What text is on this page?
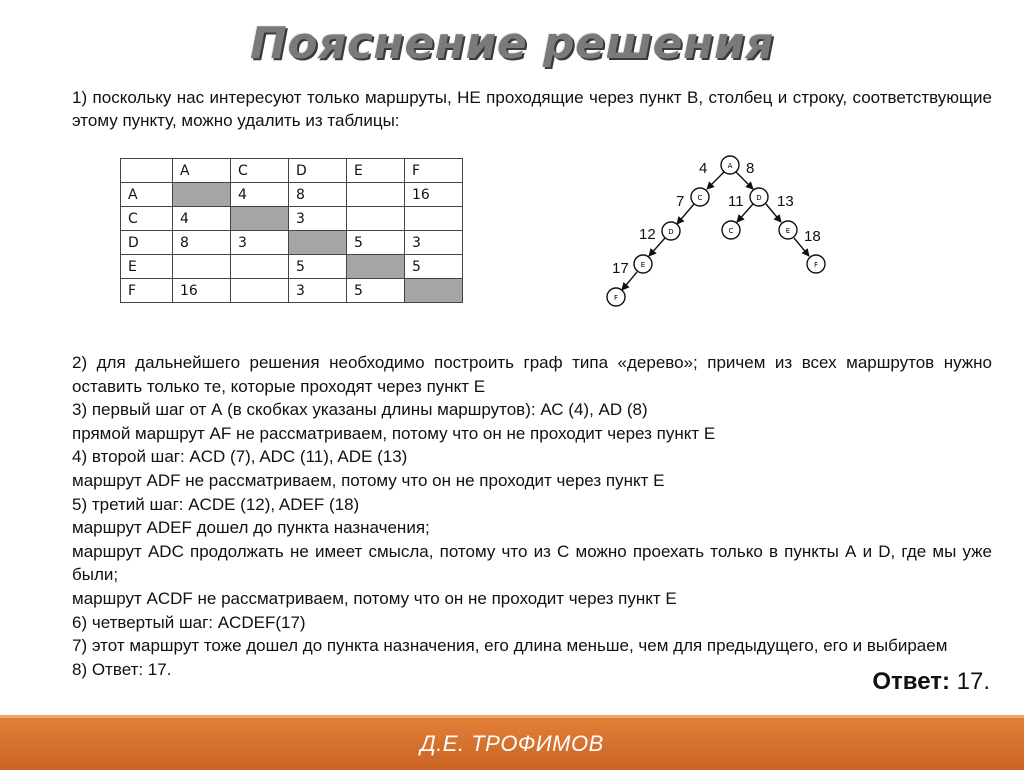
Пояснение решения
1) поскольку нас интересуют только маршруты, НЕ проходящие через пункт В, столбец и строку, соответствующие этому пункту, можно удалить из таблицы:
	A	C	D	E	F
A		4	8		16
C	4		3		
D	8	3		5	3
E			5		5
F	16		3	5	
A
C	D
D	C	E
E	F
F
4	8
7	11 13
12	18
17
2) для дальнейшего решения необходимо построить граф типа «дерево»; причем из всех маршрутов нужно оставить только те, которые проходят через пункт Е
3) первый шаг от А (в скобках указаны длины маршрутов): АС (4), AD (8)
прямой маршрут AF не рассматриваем, потому что он не проходит через пункт Е
4) второй шаг: ACD (7), ADC (11), ADE (13)
маршрут ADF не рассматриваем, потому что он не проходит через пункт Е
5) третий шаг: ACDE (12), ADEF (18)
маршрут ADEF дошел до пункта назначения;
маршрут ADC продолжать не имеет смысла, потому что из С можно проехать только в пункты А и D, где мы уже были;
маршрут ACDF не рассматриваем, потому что он не проходит через пункт Е
6) четвертый шаг: ACDEF(17)
7) этот маршрут тоже дошел до пункта назначения, его длина меньше, чем для предыдущего, его и выбираем
8) Ответ: 17.	Ответ: 17.
Д.Е. ТРОФИМОВ
